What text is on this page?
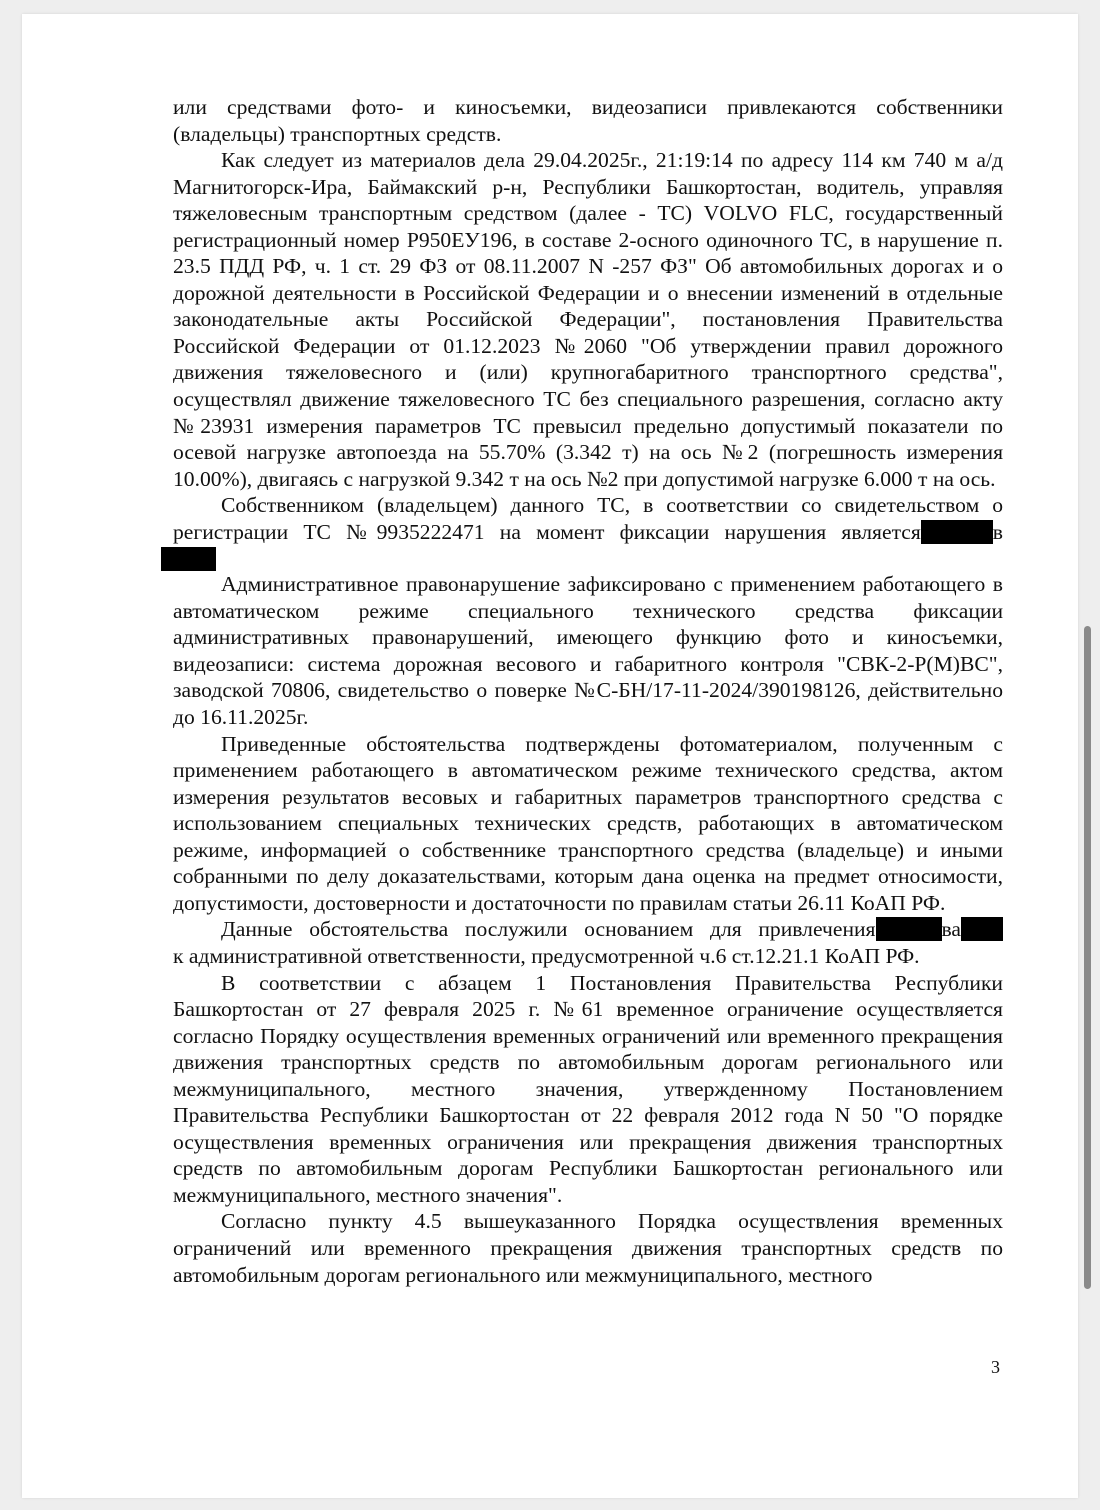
или средствами фото- и киносъемки, видеозаписи привлекаются собственники (владельцы) транспортных средств.

Как следует из материалов дела 29.04.2025г., 21:19:14 по адресу 114 км 740 м а/д Магнитогорск-Ира, Баймакский р-н, Республики Башкортостан, водитель, управляя тяжеловесным транспортным средством (далее - ТС) VOLVO FLC, государственный регистрационный номер Р950ЕУ196, в составе 2-осного одиночного ТС, в нарушение п. 23.5 ПДД РФ, ч. 1 ст. 29 ФЗ от 08.11.2007 N -257 ФЗ" Об автомобильных дорогах и о дорожной деятельности в Российской Федерации и о внесении изменений в отдельные законодательные акты Российской Федерации", постановления Правительства Российской Федерации от 01.12.2023 №2060 "Об утверждении правил дорожного движения тяжеловесного и (или) крупногабаритного транспортного средства", осуществлял движение тяжеловесного ТС без специального разрешения, согласно акту №23931 измерения параметров ТС превысил предельно допустимый показатели по осевой нагрузке автопоезда на 55.70% (3.342 т) на ось №2 (погрешность измерения 10.00%), двигаясь с нагрузкой 9.342 т на ось №2 при допустимой нагрузке 6.000 т на ось.

Собственником (владельцем) данного ТС, в соответствии со свидетельством о регистрации ТС №9935222471 на момент фиксации нарушения является	в

Административное правонарушение зафиксировано с применением работающего в автоматическом режиме специального технического средства фиксации административных правонарушений, имеющего функцию фото и киносъемки, видеозаписи: система дорожная весового и габаритного контроля "СВК-2-Р(М)ВС", заводской 70806, свидетельство о поверке №С-БН/17-11-2024/390198126, действительно до 16.11.2025г.

Приведенные обстоятельства подтверждены фотоматериалом, полученным с применением работающего в автоматическом режиме технического средства, актом измерения результатов весовых и габаритных параметров транспортного средства с использованием специальных технических средств, работающих в автоматическом режиме, информацией о собственнике транспортного средства (владельце) и иными собранными по делу доказательствами, которым дана оценка на предмет относимости, допустимости, достоверности и достаточности по правилам статьи 26.11 КоАП РФ.

Данные обстоятельства послужили основанием для привлечения	ва

к административной ответственности, предусмотренной ч.6 ст.12.21.1 КоАП РФ.

В соответствии с абзацем 1 Постановления Правительства Республики Башкортостан от 27 февраля 2025 г. №61 временное ограничение осуществляется согласно Порядку осуществления временных ограничений или временного прекращения движения транспортных средств по автомобильным дорогам регионального или межмуниципального, местного значения, утвержденному Постановлением Правительства Республики Башкортостан от 22 февраля 2012 года N 50 "О порядке осуществления временных ограничения или прекращения движения транспортных средств по автомобильным дорогам Республики Башкортостан регионального или межмуниципального, местного значения".

Согласно пункту 4.5 вышеуказанного Порядка осуществления временных ограничений или временного прекращения движения транспортных средств по автомобильным дорогам регионального или межмуниципального, местного

3
